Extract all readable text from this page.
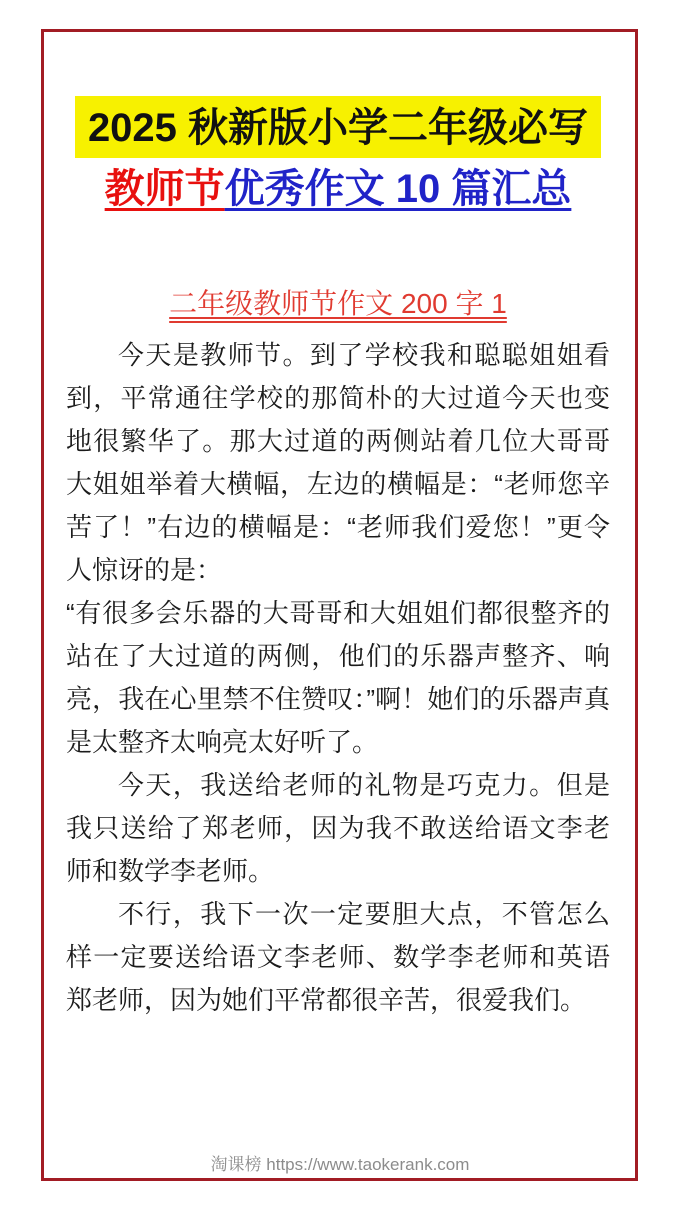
2025 秋新版小学二年级必写
教师节优秀作文 10 篇汇总
二年级教师节作文 200 字 1

今天是教师节。到了学校我和聪聪姐姐看到，平常通往学校的那简朴的大过道今天也变地很繁华了。那大过道的两侧站着几位大哥哥大姐姐举着大横幅，左边的横幅是：“老师您辛苦了！”右边的横幅是：“老师我们爱您！”更令人惊讶的是：

“有很多会乐器的大哥哥和大姐姐们都很整齐的站在了大过道的两侧，他们的乐器声整齐、响亮，我在心里禁不住赞叹：”啊！她们的乐器声真是太整齐太响亮太好听了。

今天，我送给老师的礼物是巧克力。但是我只送给了郑老师，因为我不敢送给语文李老师和数学李老师。

不行，我下一次一定要胆大点，不管怎么样一定要送给语文李老师、数学李老师和英语郑老师，因为她们平常都很辛苦，很爱我们。

淘课榜 https://www.taokerank.com
